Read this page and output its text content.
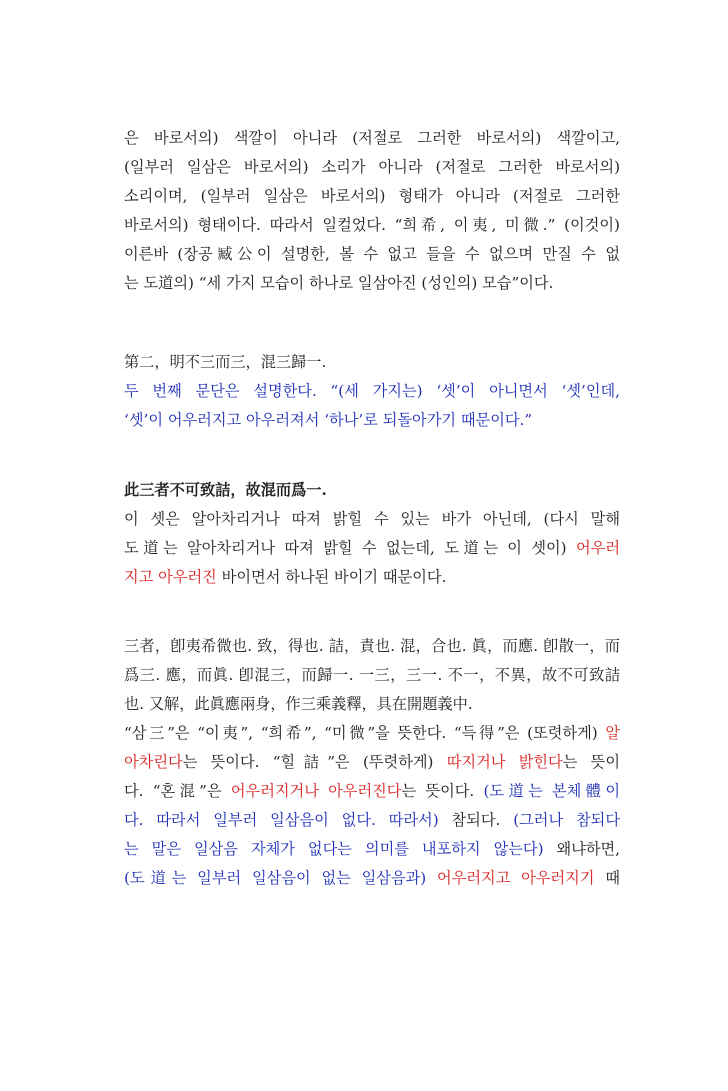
은 바로서의) 색깔이 아니라 (저절로 그러한 바로서의) 색깔이고,
(일부러 일삼은 바로서의) 소리가 아니라 (저절로 그러한 바로서의)
소리이며, (일부러 일삼은 바로서의) 형태가 아니라 (저절로 그러한
바로서의) 형태이다. 따라서 일컬었다. “희希, 이夷, 미微.” (이것이)
이른바 (장공臧公이 설명한, 볼 수 없고 들을 수 없으며 만질 수 없
는 도道의) “세 가지 모습이 하나로 일삼아진 (성인의) 모습”이다.
第二，明不三而三，混三歸一.
두 번째 문단은 설명한다. “(세 가지는) ‘셋’이 아니면서 ‘셋’인데,
‘셋’이 어우러지고 아우러져서 ‘하나’로 되돌아가기 때문이다.”
此三者不可致詰，故混而爲一.
이 셋은 알아차리거나 따져 밝힐 수 있는 바가 아닌데, (다시 말해
도道는 알아차리거나 따져 밝힐 수 없는데, 도道는 이 셋이) 어우러
지고 아우러진 바이면서 하나된 바이기 때문이다.
三者，卽夷希微也. 致，得也. 詰，責也. 混，合也. 眞，而應. 卽散一，而
爲三. 應，而眞. 卽混三，而歸一. 一三，三一. 不一，不異，故不可致詰
也. 又解，此眞應兩身，作三乘義釋，具在開題義中.
“삼三”은 “이夷”, “희希”, “미微”을 뜻한다. “득得”은 (또렷하게) 알
아차린다는 뜻이다. “힐詰”은 (뚜렷하게) 따지거나 밝힌다는 뜻이
다. “혼混”은 어우러지거나 아우러진다는 뜻이다. (도道는 본체體이
다. 따라서 일부러 일삼음이 없다. 따라서) 참되다. (그러나 참되다
는 말은 일삼음 자체가 없다는 의미를 내포하지 않는다) 왜냐하면,
(도道는 일부러 일삼음이 없는 일삼음과) 어우러지고 아우러지기 때
